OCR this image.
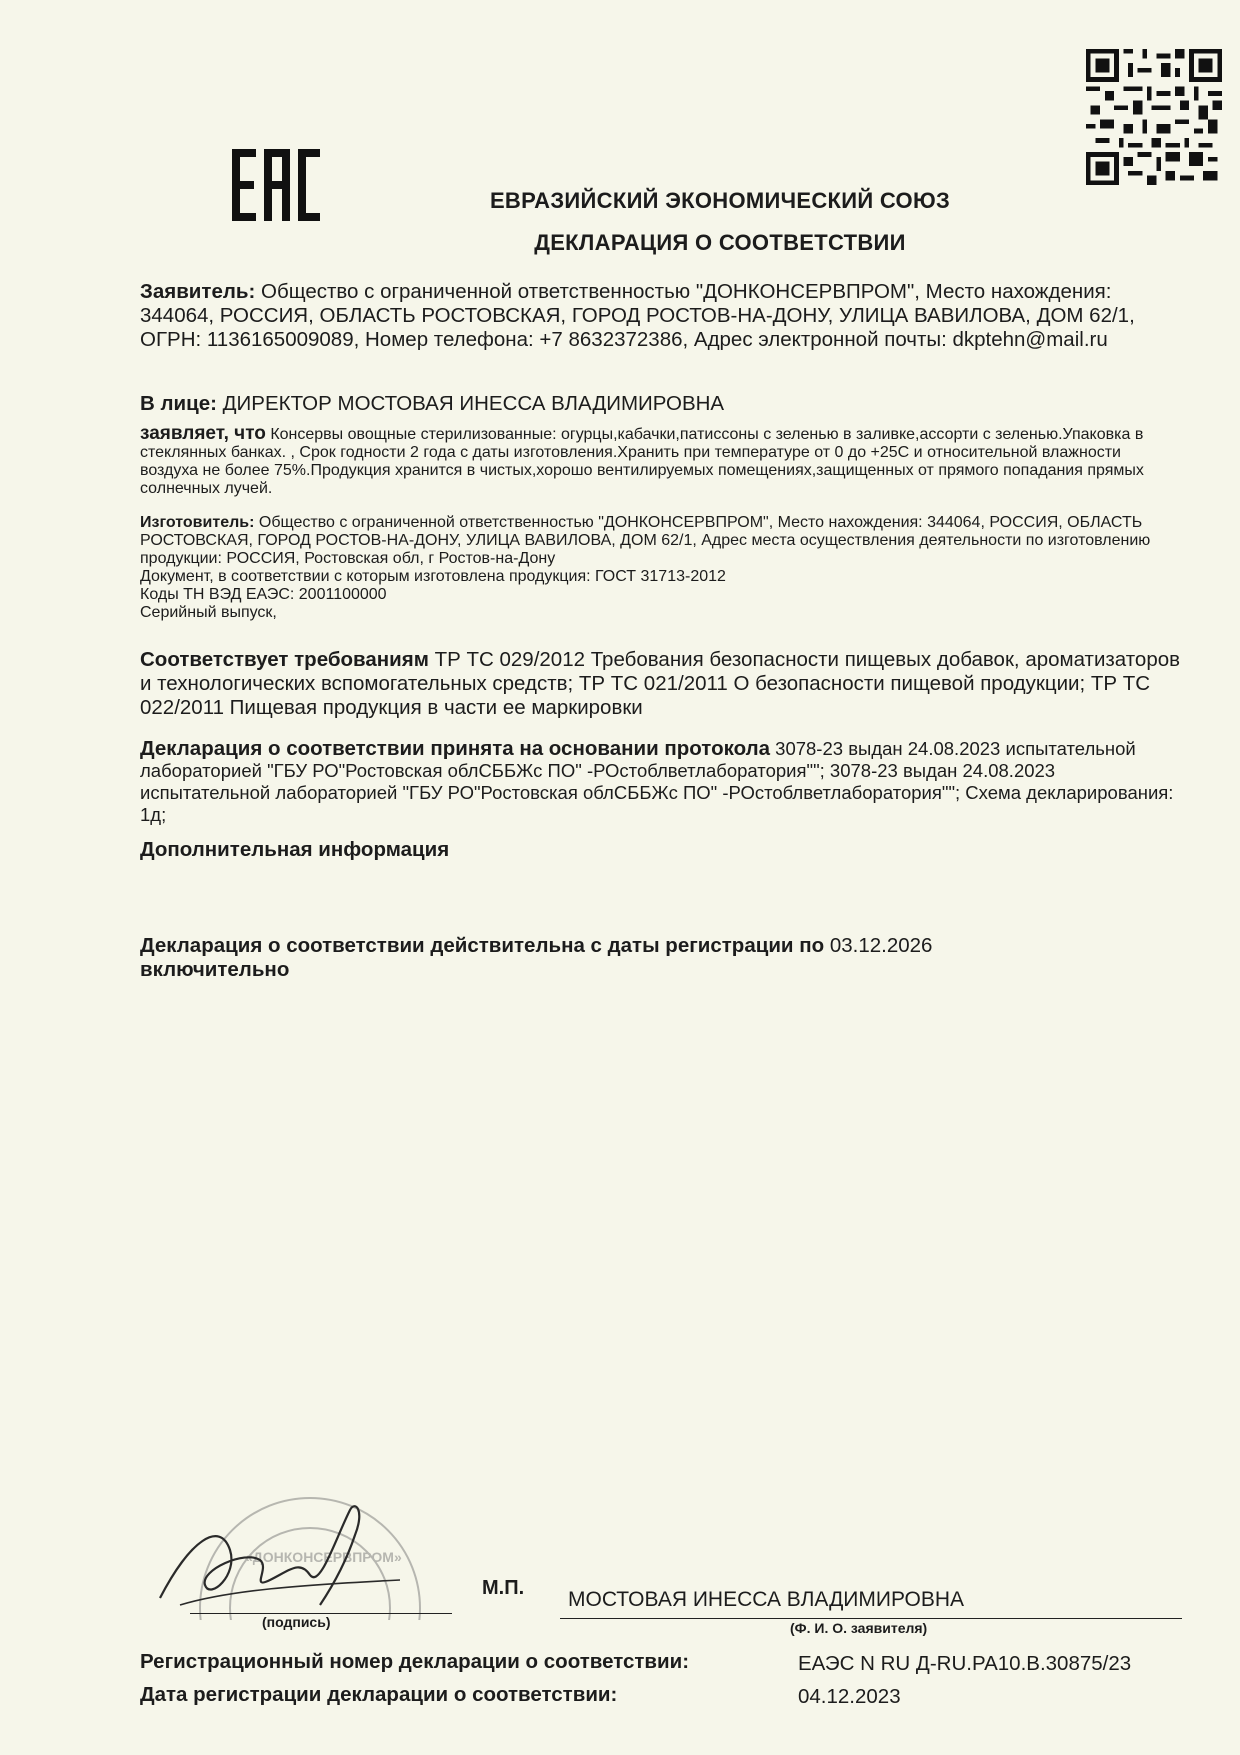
ЕВРАЗИЙСКИЙ ЭКОНОМИЧЕСКИЙ СОЮЗ
ДЕКЛАРАЦИЯ О СООТВЕТСТВИИ

Заявитель: Общество с ограниченной ответственностью "ДОНКОНСЕРВПРОМ", Место нахождения: 344064, РОССИЯ, ОБЛАСТЬ РОСТОВСКАЯ, ГОРОД РОСТОВ-НА-ДОНУ, УЛИЦА ВАВИЛОВА, ДОМ 62/1, ОГРН: 1136165009089, Номер телефона: +7 8632372386, Адрес электронной почты: dkptehn@mail.ru

В лице: ДИРЕКТОР МОСТОВАЯ ИНЕССА ВЛАДИМИРОВНА

заявляет, что Консервы овощные стерилизованные: огурцы,кабачки,патиссоны с зеленью в заливке,ассорти с зеленью.Упаковка в стеклянных банках. , Срок годности 2 года с даты изготовления.Хранить при температуре от 0 до +25С и относительной влажности воздуха не более 75%.Продукция хранится в чистых,хорошо вентилируемых помещениях,защищенных от прямого попадания прямых солнечных лучей.

Изготовитель: Общество с ограниченной ответственностью "ДОНКОНСЕРВПРОМ", Место нахождения: 344064, РОССИЯ, ОБЛАСТЬ РОСТОВСКАЯ, ГОРОД РОСТОВ-НА-ДОНУ, УЛИЦА ВАВИЛОВА, ДОМ 62/1, Адрес места осуществления деятельности по изготовлению продукции: РОССИЯ, Ростовская обл, г Ростов-на-Дону

Документ, в соответствии с которым изготовлена продукция: ГОСТ 31713-2012

Коды ТН ВЭД ЕАЭС: 2001100000

Серийный выпуск,

Соответствует требованиям ТР ТС 029/2012 Требования безопасности пищевых добавок, ароматизаторов и технологических вспомогательных средств; ТР ТС 021/2011 О безопасности пищевой продукции; ТР ТС 022/2011 Пищевая продукция в части ее маркировки

Декларация о соответствии принята на основании протокола 3078-23 выдан 24.08.2023 испытательной лабораторией "ГБУ РО"Ростовская облСББЖс ПО" -РОстоблветлаборатория""; 3078-23 выдан 24.08.2023 испытательной лабораторией "ГБУ РО"Ростовская облСББЖс ПО" -РОстоблветлаборатория""; Схема декларирования: 1д;

Дополнительная информация

Декларация о соответствии действительна с даты регистрации по 03.12.2026

включительно

«ДОНКОНСЕРВПРОМ»
(подпись)
М.П. МОСТОВАЯ ИНЕССА ВЛАДИМИРОВНА
(Ф. И. О. заявителя)
Регистрационный номер декларации о соответствии:	ЕАЭС N RU Д-RU.PA10.B.30875/23
Дата регистрации декларации о соответствии:	04.12.2023
